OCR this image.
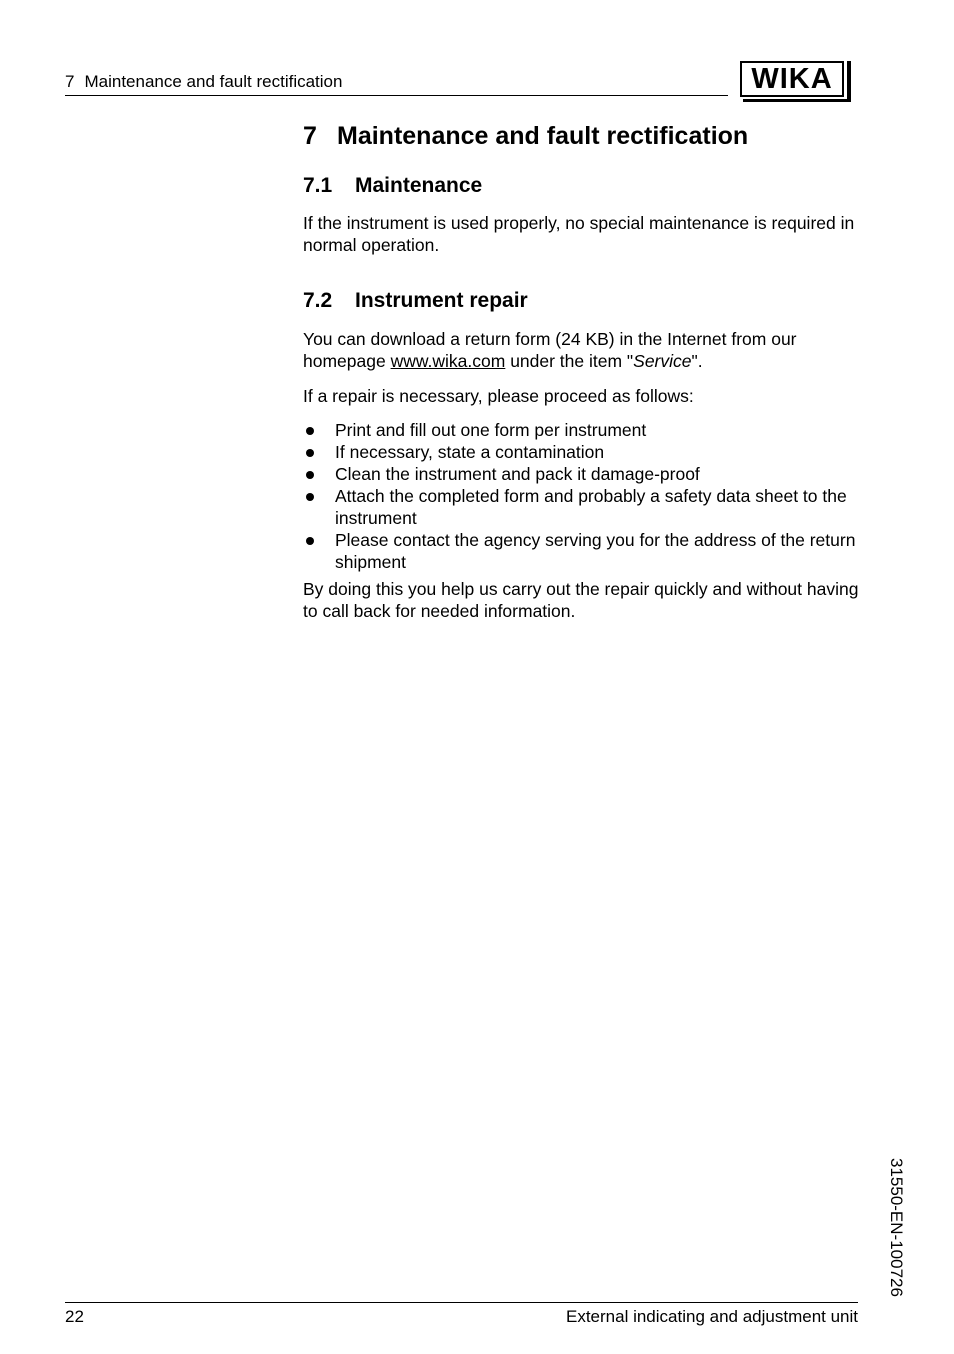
7 Maintenance and fault rectification	WIKA
7 Maintenance and fault rectification
7.1 Maintenance

If the instrument is used properly, no special maintenance is required in normal operation.

7.2 Instrument repair

You can download a return form (24 KB) in the Internet from our homepage www.wika.com under the item "Service".

If a repair is necessary, please proceed as follows:

Print and fill out one form per instrument
If necessary, state a contamination
Clean the instrument and pack it damage-proof
Attach the completed form and probably a safety data sheet to the instrument
Please contact the agency serving you for the address of the return shipment

By doing this you help us carry out the repair quickly and without having to call back for needed information.

31550-EN-100726
22	External indicating and adjustment unit
